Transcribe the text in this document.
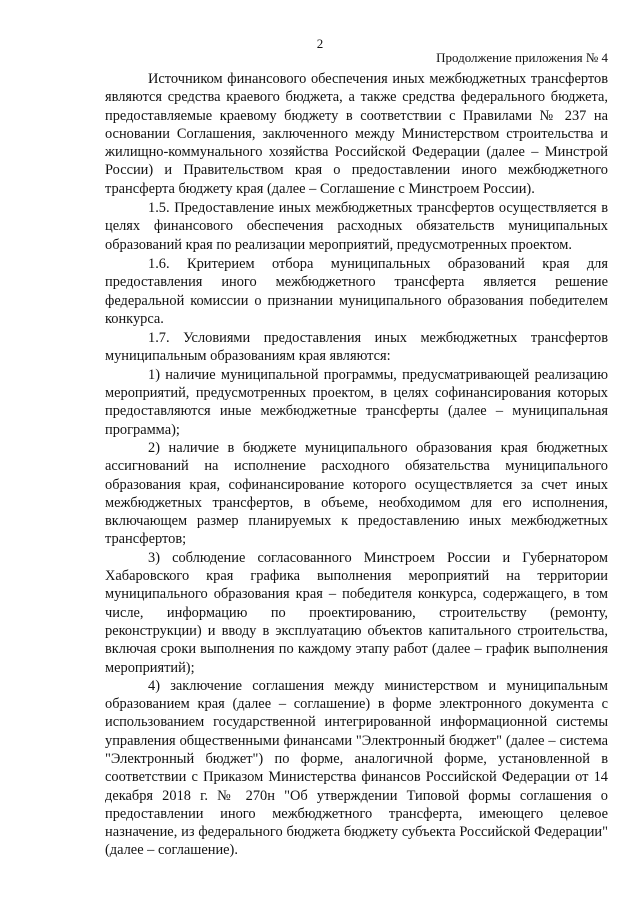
2
Продолжение приложения № 4

Источником финансового обеспечения иных межбюджетных трансфертов являются средства краевого бюджета, а также средства федерального бюджета, предоставляемые краевому бюджету в соответствии с Правилами № 237 на основании Соглашения, заключенного между Министерством строительства и жилищно-коммунального хозяйства Российской Федерации (далее – Минстрой России) и Правительством края о предоставлении иного межбюджетного трансферта бюджету края (далее – Соглашение с Минстроем России).

1.5. Предоставление иных межбюджетных трансфертов осуществляется в целях финансового обеспечения расходных обязательств муниципальных образований края по реализации мероприятий, предусмотренных проектом.

1.6. Критерием отбора муниципальных образований края для предоставления иного межбюджетного трансферта является решение федеральной комиссии о признании муниципального образования победителем конкурса.

1.7. Условиями предоставления иных межбюджетных трансфертов муниципальным образованиям края являются:

1) наличие муниципальной программы, предусматривающей реализацию мероприятий, предусмотренных проектом, в целях софинансирования которых предоставляются иные межбюджетные трансферты (далее – муниципальная программа);

2) наличие в бюджете муниципального образования края бюджетных ассигнований на исполнение расходного обязательства муниципального образования края, софинансирование которого осуществляется за счет иных межбюджетных трансфертов, в объеме, необходимом для его исполнения, включающем размер планируемых к предоставлению иных межбюджетных трансфертов;

3) соблюдение согласованного Минстроем России и Губернатором Хабаровского края графика выполнения мероприятий на территории муниципального образования края – победителя конкурса, содержащего, в том числе, информацию по проектированию, строительству (ремонту, реконструкции) и вводу в эксплуатацию объектов капитального строительства, включая сроки выполнения по каждому этапу работ (далее – график выполнения мероприятий);

4) заключение соглашения между министерством и муниципальным образованием края (далее – соглашение) в форме электронного документа с использованием государственной интегрированной информационной системы управления общественными финансами "Электронный бюджет" (далее – система "Электронный бюджет") по форме, аналогичной форме, установленной в соответствии с Приказом Министерства финансов Российской Федерации от 14 декабря 2018 г. № 270н "Об утверждении Типовой формы соглашения о предоставлении иного межбюджетного трансферта, имеющего целевое назначение, из федерального бюджета бюджету субъекта Российской Федерации" (далее – соглашение).
